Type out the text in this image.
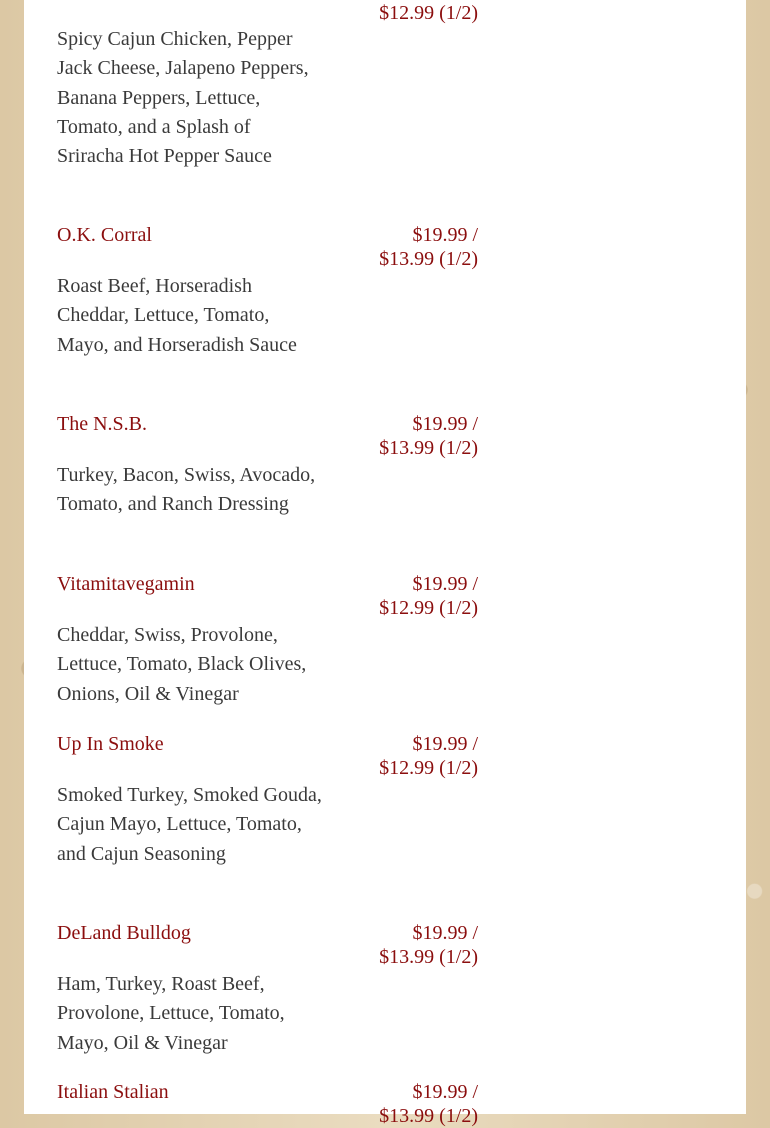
$12.99 (1/2)
Spicy Cajun Chicken, Pepper Jack Cheese, Jalapeno Peppers, Banana Peppers, Lettuce, Tomato, and a Splash of Sriracha Hot Pepper Sauce
O.K. Corral	$19.99 /
$13.99 (1/2)
Roast Beef, Horseradish Cheddar, Lettuce, Tomato, Mayo, and Horseradish Sauce
The N.S.B.	$19.99 /
$13.99 (1/2)
Turkey, Bacon, Swiss, Avocado, Tomato, and Ranch Dressing
Vitamitavegamin	$19.99 /
$12.99 (1/2)
Cheddar, Swiss, Provolone, Lettuce, Tomato, Black Olives, Onions, Oil & Vinegar
Up In Smoke	$19.99 /
$12.99 (1/2)
Smoked Turkey, Smoked Gouda, Cajun Mayo, Lettuce, Tomato, and Cajun Seasoning
DeLand Bulldog	$19.99 /
$13.99 (1/2)
Ham, Turkey, Roast Beef, Provolone, Lettuce, Tomato, Mayo, Oil & Vinegar
Italian Stalian	$19.99 /
$13.99 (1/2)
